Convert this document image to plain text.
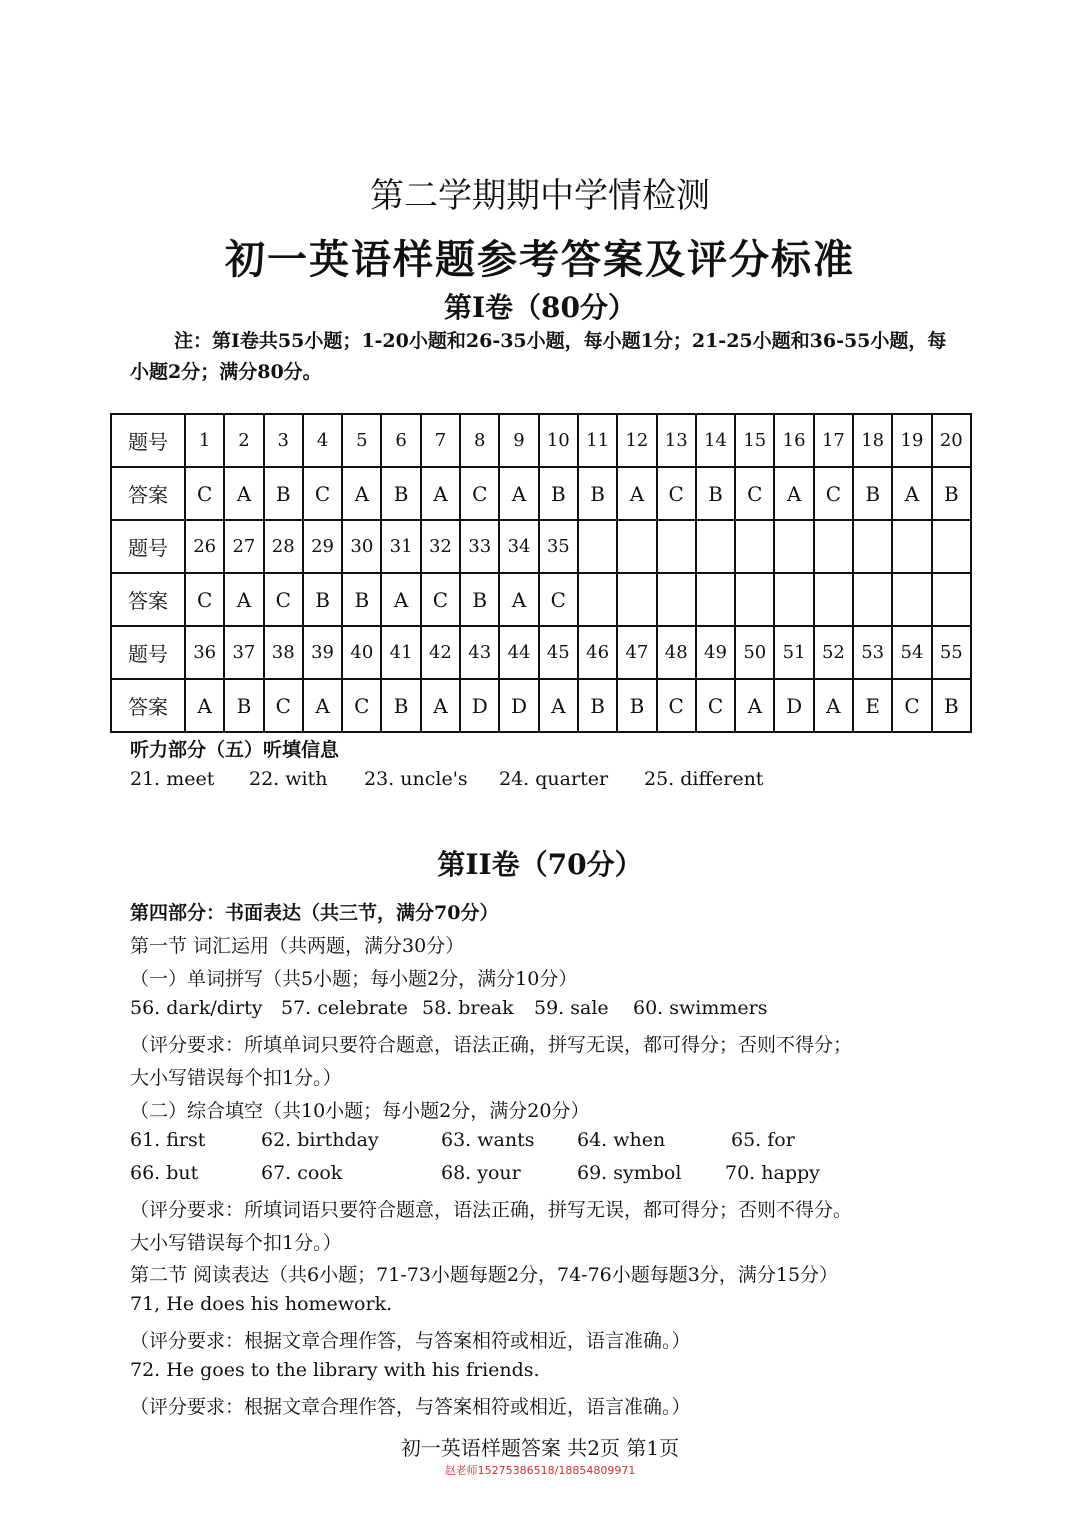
第二学期期中学情检测
初一英语样题参考答案及评分标准
第Ⅰ卷（80分）
注：第Ⅰ卷共55小题；1-20小题和26-35小题，每小题1分；21-25小题和36-55小题，每小题2分；满分80分。
题号	1	2	3	4	5	6	7	8	9	10	11	12	13	14	15	16	17	18	19	20
答案	C	A	B	C	A	B	A	C	A	B	B	A	C	B	C	A	C	B	A	B
题号	26	27	28	29	30	31	32	33	34	35										
答案	C	A	C	B	B	A	C	B	A	C										
题号	36	37	38	39	40	41	42	43	44	45	46	47	48	49	50	51	52	53	54	55
答案	A	B	C	A	C	B	A	D	D	A	B	B	C	C	A	D	A	E	C	B
听力部分（五）听填信息
21. meet 22. with 23. uncle's 24. quarter 25. different
第II卷（70分）
第四部分：书面表达（共三节，满分70分）
第一节 词汇运用（共两题，满分30分）
（一）单词拼写（共5小题；每小题2分，满分10分）
56. dark/dirty 57. celebrate 58. break 59. sale 60. swimmers
（评分要求：所填单词只要符合题意，语法正确，拼写无误，都可得分；否则不得分；
大小写错误每个扣1分。）
（二）综合填空（共10小题；每小题2分，满分20分）
61. first	62. birthday	63. wants 64. when	65. for
66. but	67. cook	68. your	69. symbol 70. happy
（评分要求：所填词语只要符合题意，语法正确，拼写无误，都可得分；否则不得分。
大小写错误每个扣1分。）
第二节 阅读表达（共6小题；71-73小题每题2分，74-76小题每题3分，满分15分）
71, He does his homework.
（评分要求：根据文章合理作答，与答案相符或相近，语言准确。）
72. He goes to the library with his friends.
（评分要求：根据文章合理作答，与答案相符或相近，语言准确。）
初一英语样题答案 共2页 第1页
赵老师15275386518/18854809971
